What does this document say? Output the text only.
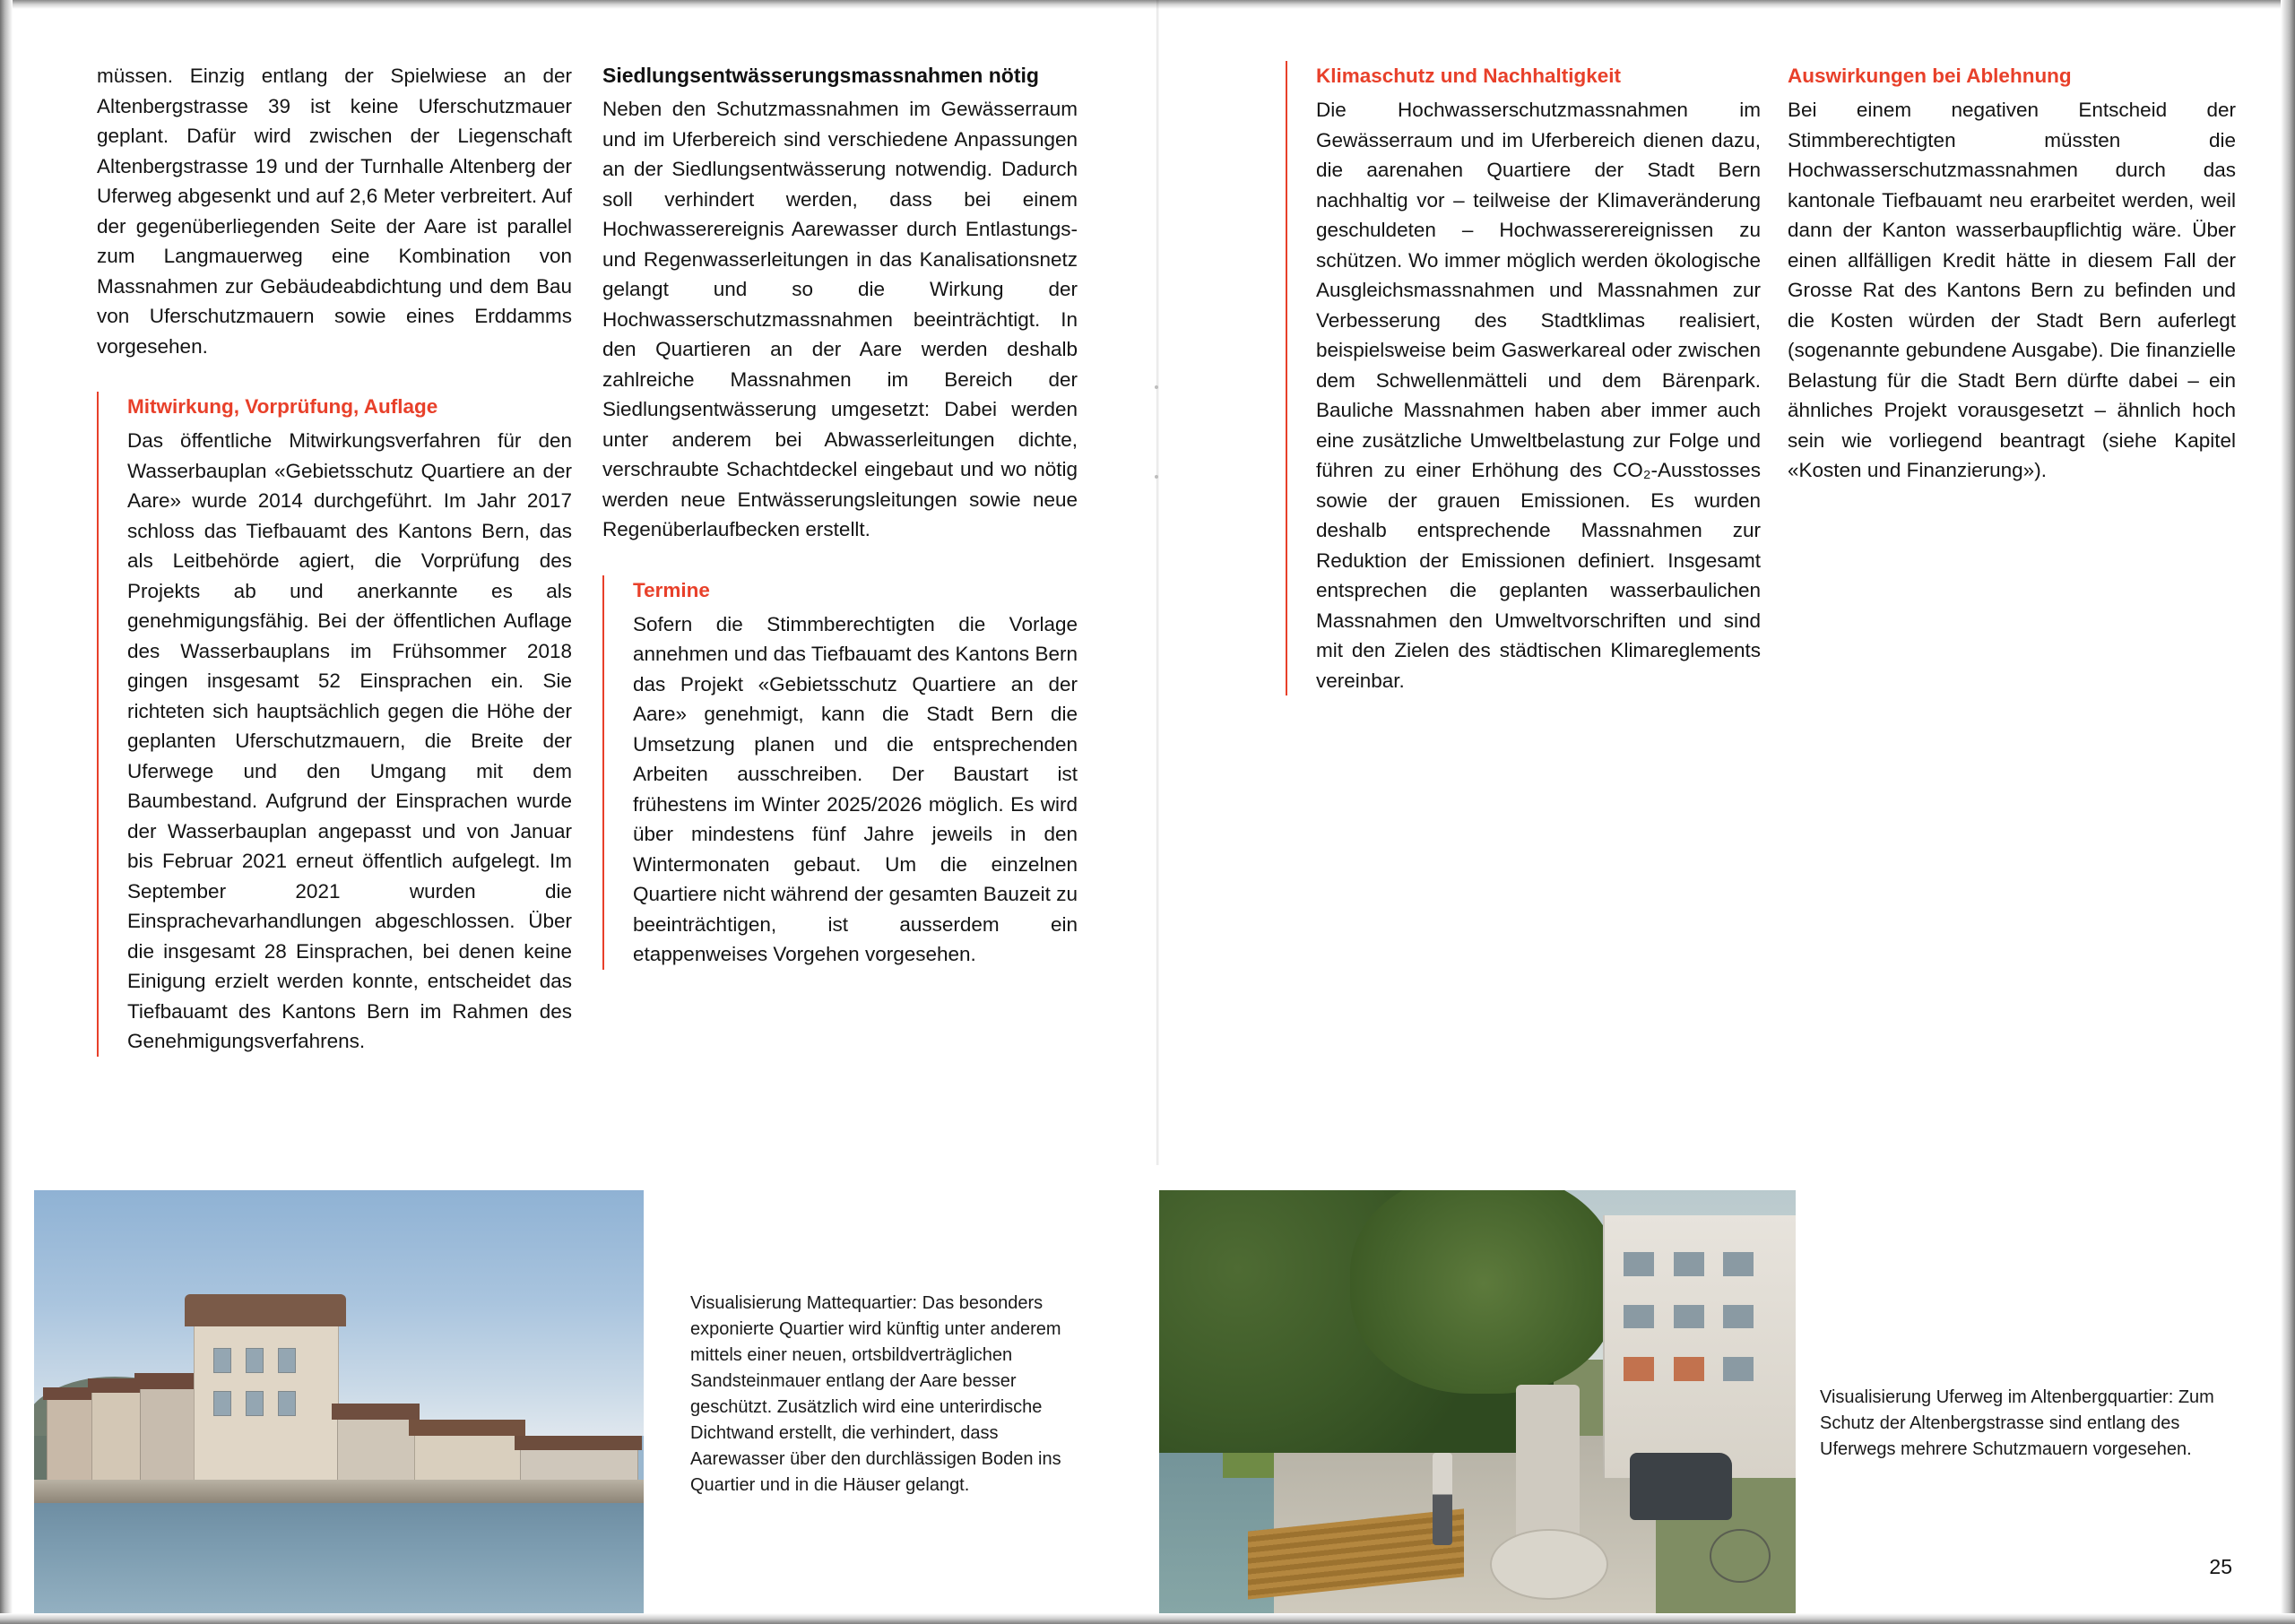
müssen. Einzig entlang der Spielwiese an der Altenbergstrasse 39 ist keine Uferschutzmauer geplant. Dafür wird zwischen der Liegenschaft Altenbergstrasse 19 und der Turnhalle Altenberg der Uferweg abgesenkt und auf 2,6 Meter verbreitert. Auf der gegenüberliegenden Seite der Aare ist parallel zum Langmauerweg eine Kombination von Massnahmen zur Gebäudeabdichtung und dem Bau von Uferschutzmauern sowie eines Erddamms vorgesehen.

Mitwirkung, Vorprüfung, Auflage

Das öffentliche Mitwirkungsverfahren für den Wasserbauplan «Gebietsschutz Quartiere an der Aare» wurde 2014 durchgeführt. Im Jahr 2017 schloss das Tiefbauamt des Kantons Bern, das als Leitbehörde agiert, die Vorprüfung des Projekts ab und anerkannte es als genehmigungsfähig. Bei der öffentlichen Auflage des Wasserbauplans im Frühsommer 2018 gingen insgesamt 52 Einsprachen ein. Sie richteten sich hauptsächlich gegen die Höhe der geplanten Uferschutzmauern, die Breite der Uferwege und den Umgang mit dem Baumbestand. Aufgrund der Einsprachen wurde der Wasserbauplan angepasst und von Januar bis Februar 2021 erneut öffentlich aufgelegt. Im September 2021 wurden die Einsprachevarhandlungen abgeschlossen. Über die insgesamt 28 Einsprachen, bei denen keine Einigung erzielt werden konnte, entscheidet das Tiefbauamt des Kantons Bern im Rahmen des Genehmigungsverfahrens.

Siedlungsentwässerungsmassnahmen nötig

Neben den Schutzmassnahmen im Gewässerraum und im Uferbereich sind verschiedene Anpassungen an der Siedlungsentwässerung notwendig. Dadurch soll verhindert werden, dass bei einem Hochwasserereignis Aarewasser durch Entlastungs- und Regenwasserleitungen in das Kanalisationsnetz gelangt und so die Wirkung der Hochwasserschutzmassnahmen beeinträchtigt. In den Quartieren an der Aare werden deshalb zahlreiche Massnahmen im Bereich der Siedlungsentwässerung umgesetzt: Dabei werden unter anderem bei Abwasserleitungen dichte, verschraubte Schachtdeckel eingebaut und wo nötig werden neue Entwässerungsleitungen sowie neue Regenüberlaufbecken erstellt.

Termine

Sofern die Stimmberechtigten die Vorlage annehmen und das Tiefbauamt des Kantons Bern das Projekt «Gebietsschutz Quartiere an der Aare» genehmigt, kann die Stadt Bern die Umsetzung planen und die entsprechenden Arbeiten ausschreiben. Der Baustart ist frühestens im Winter 2025/2026 möglich. Es wird über mindestens fünf Jahre jeweils in den Wintermonaten gebaut. Um die einzelnen Quartiere nicht während der gesamten Bauzeit zu beeinträchtigen, ist ausserdem ein etappenweises Vorgehen vorgesehen.

Klimaschutz und Nachhaltigkeit

Die Hochwasserschutzmassnahmen im Gewässerraum und im Uferbereich dienen dazu, die aarenahen Quartiere der Stadt Bern nachhaltig vor – teilweise der Klimaveränderung geschuldeten – Hochwasserereignissen zu schützen. Wo immer möglich werden ökologische Ausgleichsmassnahmen und Massnahmen zur Verbesserung des Stadtklimas realisiert, beispielsweise beim Gaswerkareal oder zwischen dem Schwellenmätteli und dem Bärenpark. Bauliche Massnahmen haben aber immer auch eine zusätzliche Umweltbelastung zur Folge und führen zu einer Erhöhung des CO₂-Ausstosses sowie der grauen Emissionen. Es wurden deshalb entsprechende Massnahmen zur Reduktion der Emissionen definiert. Insgesamt entsprechen die geplanten wasserbaulichen Massnahmen den Umweltvorschriften und sind mit den Zielen des städtischen Klimareglements vereinbar.

Auswirkungen bei Ablehnung

Bei einem negativen Entscheid der Stimmberechtigten müssten die Hochwasserschutzmassnahmen durch das kantonale Tiefbauamt neu erarbeitet werden, weil dann der Kanton wasserbaupflichtig wäre. Über einen allfälligen Kredit hätte in diesem Fall der Grosse Rat des Kantons Bern zu befinden und die Kosten würden der Stadt Bern auferlegt (sogenannte gebundene Ausgabe). Die finanzielle Belastung für die Stadt Bern dürfte dabei – ein ähnliches Projekt vorausgesetzt – ähnlich hoch sein wie vorliegend beantragt (siehe Kapitel «Kosten und Finanzierung»).

Visualisierung Mattequartier: Das besonders exponierte Quartier wird künftig unter anderem mittels einer neuen, ortsbildverträglichen Sandsteinmauer entlang der Aare besser geschützt. Zusätzlich wird eine unterirdische Dichtwand erstellt, die verhindert, dass Aarewasser über den durchlässigen Boden ins Quartier und in die Häuser gelangt.
Visualisierung Uferweg im Altenbergquartier: Zum Schutz der Altenbergstrasse sind entlang des Uferwegs mehrere Schutzmauern vorgesehen.
25
